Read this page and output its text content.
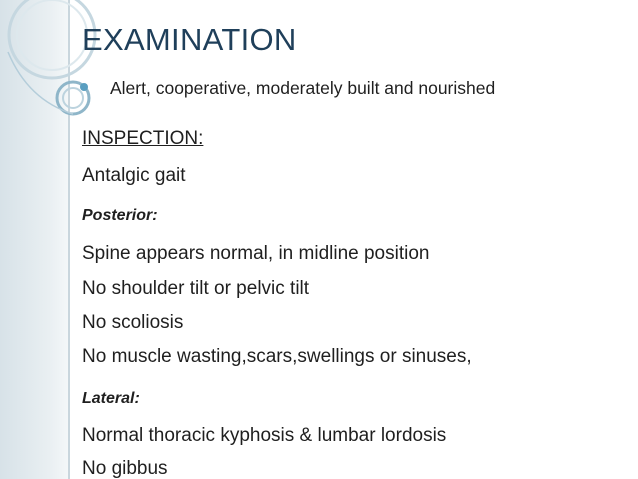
EXAMINATION
Alert, cooperative, moderately built and nourished
INSPECTION:
Antalgic gait
Posterior:
Spine appears normal, in midline position
No shoulder tilt or pelvic tilt
No scoliosis
No muscle wasting,scars,swellings or sinuses,
Lateral:
Normal thoracic kyphosis & lumbar lordosis
No gibbus
